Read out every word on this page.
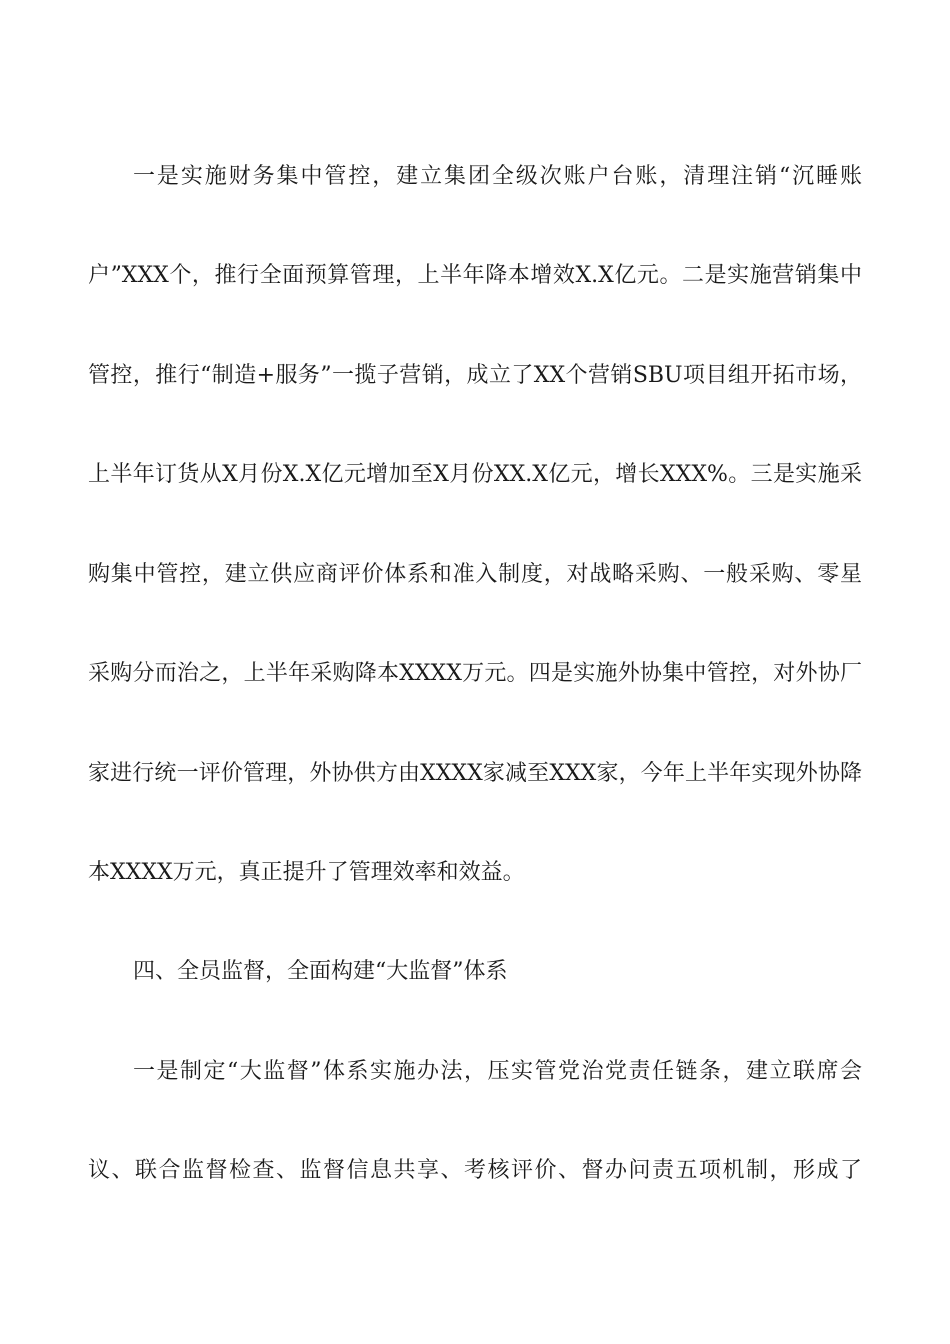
一是实施财务集中管控，建立集团全级次账户台账，清理注销“沉睡账
户”XXX个，推行全面预算管理，上半年降本增效X.X亿元。二是实施营销集中
管控，推行“制造+服务”一揽子营销，成立了XX个营销SBU项目组开拓市场，
上半年订货从X月份X.X亿元增加至X月份XX.X亿元，增长XXX%。三是实施采
购集中管控，建立供应商评价体系和准入制度，对战略采购、一般采购、零星
采购分而治之，上半年采购降本XXXX万元。四是实施外协集中管控，对外协厂
家进行统一评价管理，外协供方由XXXX家减至XXX家，今年上半年实现外协降
本XXXX万元，真正提升了管理效率和效益。
四、全员监督，全面构建“大监督”体系
一是制定“大监督”体系实施办法，压实管党治党责任链条，建立联席会
议、联合监督检查、监督信息共享、考核评价、督办问责五项机制，形成了
